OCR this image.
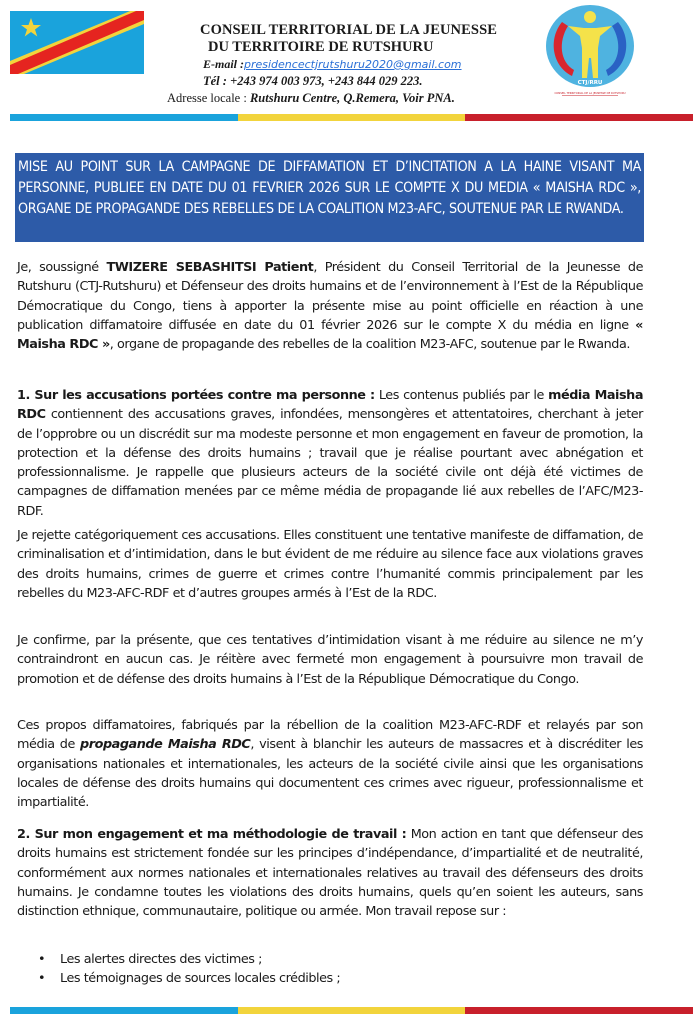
CONSEIL TERRITORIAL DE LA JEUNESSE
DU TERRITOIRE DE RUTSHURU
E-mail :presidencectjrutshuru2020@gmail.com
Tél : +243 974 003 973, +243 844 029 223.
Adresse locale : Rutshuru Centre, Q.Remera, Voir PNA.
CTJ/RRU
CONSEIL TERRITORIAL DE LA JEUNESSE DE RUTSHURU
MISE AU POINT SUR LA CAMPAGNE DE DIFFAMATION ET D’INCITATION A LA HAINE VISANT MA PERSONNE, PUBLIEE EN DATE DU 01 FEVRIER 2026 SUR LE COMPTE X DU MEDIA « MAISHA RDC », ORGANE DE PROPAGANDE DES REBELLES DE LA COALITION M23-AFC, SOUTENUE PAR LE RWANDA.
Je, soussigné TWIZERE SEBASHITSI Patient, Président du Conseil Territorial de la Jeunesse de Rutshuru (CTJ-Rutshuru) et Défenseur des droits humains et de l’environnement à l’Est de la République Démocratique du Congo, tiens à apporter la présente mise au point officielle en réaction à une publication diffamatoire diffusée en date du 01 février 2026 sur le compte X du média en ligne « Maisha RDC », organe de propagande des rebelles de la coalition M23-AFC, soutenue par le Rwanda.
1. Sur les accusations portées contre ma personne : Les contenus publiés par le média Maisha RDC contiennent des accusations graves, infondées, mensongères et attentatoires, cherchant à jeter de l’opprobre ou un discrédit sur ma modeste personne et mon engagement en faveur de promotion, la protection et la défense des droits humains ; travail que je réalise pourtant avec abnégation et professionnalisme. Je rappelle que plusieurs acteurs de la société civile ont déjà été victimes de campagnes de diffamation menées par ce même média de propagande lié aux rebelles de l’AFC/M23-RDF.
Je rejette catégoriquement ces accusations. Elles constituent une tentative manifeste de diffamation, de criminalisation et d’intimidation, dans le but évident de me réduire au silence face aux violations graves des droits humains, crimes de guerre et crimes contre l’humanité commis principalement par les rebelles du M23-AFC-RDF et d’autres groupes armés à l’Est de la RDC.
Je confirme, par la présente, que ces tentatives d’intimidation visant à me réduire au silence ne m’y contraindront en aucun cas. Je réitère avec fermeté mon engagement à poursuivre mon travail de promotion et de défense des droits humains à l’Est de la République Démocratique du Congo.
Ces propos diffamatoires, fabriqués par la rébellion de la coalition M23-AFC-RDF et relayés par son média de propagande Maisha RDC, visent à blanchir les auteurs de massacres et à discréditer les organisations nationales et internationales, les acteurs de la société civile ainsi que les organisations locales de défense des droits humains qui documentent ces crimes avec rigueur, professionnalisme et impartialité.
2. Sur mon engagement et ma méthodologie de travail : Mon action en tant que défenseur des droits humains est strictement fondée sur les principes d’indépendance, d’impartialité et de neutralité, conformément aux normes nationales et internationales relatives au travail des défenseurs des droits humains. Je condamne toutes les violations des droits humains, quels qu’en soient les auteurs, sans distinction ethnique, communautaire, politique ou armée. Mon travail repose sur :
• Les alertes directes des victimes ;
• Les témoignages de sources locales crédibles ;
